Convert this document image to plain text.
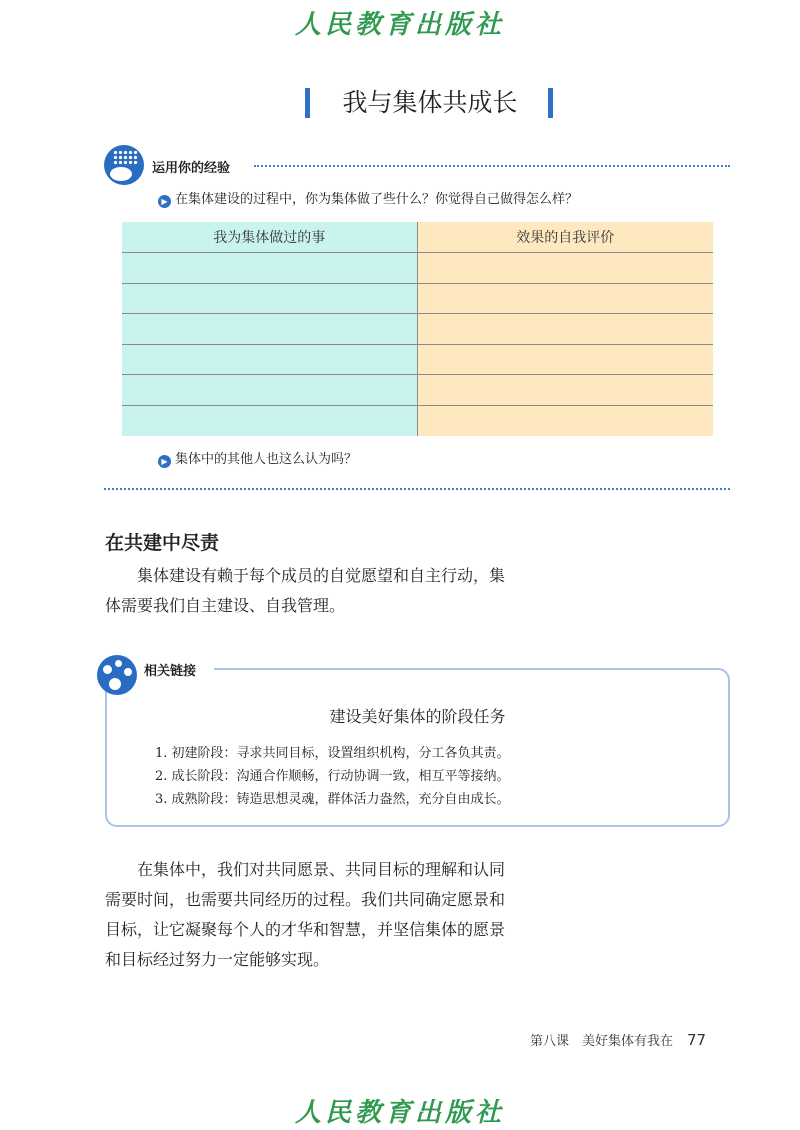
人民教育出版社
我与集体共成长
运用你的经验
▶ 在集体建设的过程中，你为集体做了些什么？你觉得自己做得怎么样？
我为集体做过的事	效果的自我评价

▶ 集体中的其他人也这么认为吗？
在共建中尽责
集体建设有赖于每个成员的自觉愿望和自主行动，集
体需要我们自主建设、自我管理。
建设美好集体的阶段任务
1. 初建阶段：寻求共同目标，设置组织机构，分工各负其责。
2. 成长阶段：沟通合作顺畅，行动协调一致，相互平等接纳。
3. 成熟阶段：铸造思想灵魂，群体活力盎然，充分自由成长。
相关链接
在集体中，我们对共同愿景、共同目标的理解和认同
需要时间，也需要共同经历的过程。我们共同确定愿景和
目标，让它凝聚每个人的才华和智慧，并坚信集体的愿景
和目标经过努力一定能够实现。
第八课　美好集体有我在 77
人民教育出版社
